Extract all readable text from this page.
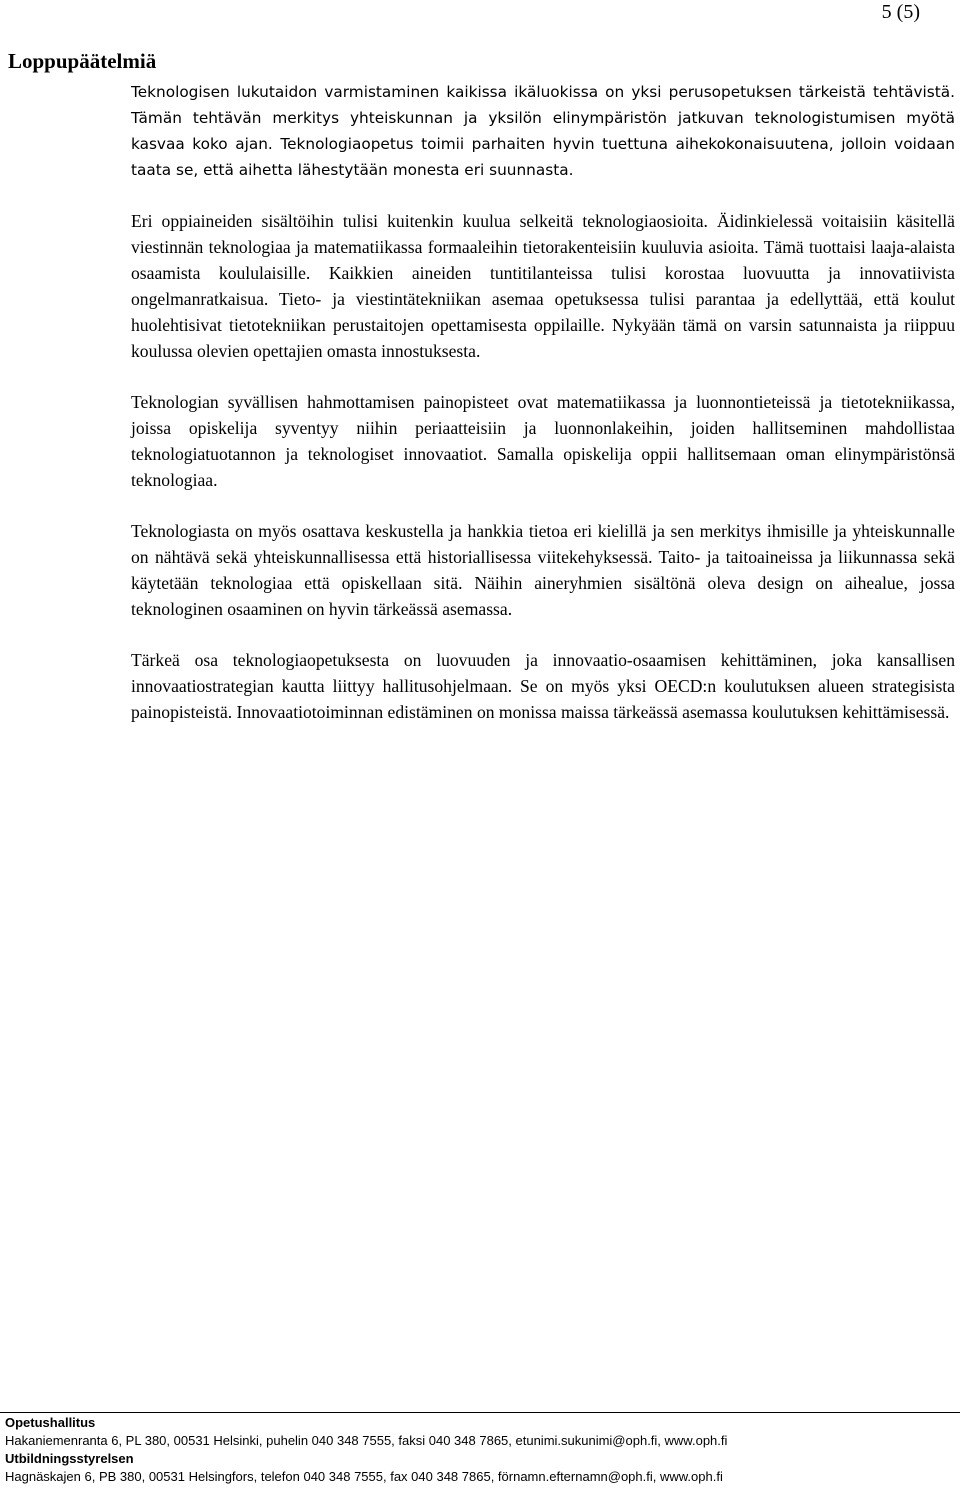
5 (5)
Loppupäätelmiä

Teknologisen lukutaidon varmistaminen kaikissa ikäluokissa on yksi perusopetuksen tärkeistä tehtävistä. Tämän tehtävän merkitys yhteiskunnan ja yksilön elinympäristön jatkuvan teknologistumisen myötä kasvaa koko ajan. Teknologiaopetus toimii parhaiten hyvin tuettuna aihekokonaisuutena, jolloin voidaan taata se, että aihetta lähestytään monesta eri suunnasta.

Eri oppiaineiden sisältöihin tulisi kuitenkin kuulua selkeitä teknologiaosioita. Äidinkielessä voitaisiin käsitellä viestinnän teknologiaa ja matematiikassa formaaleihin tietorakenteisiin kuuluvia asioita. Tämä tuottaisi laaja-alaista osaamista koululaisille. Kaikkien aineiden tuntitilanteissa tulisi korostaa luovuutta ja innovatiivista ongelmanratkaisua. Tieto- ja viestintätekniikan asemaa opetuksessa tulisi parantaa ja edellyttää, että koulut huolehtisivat tietotekniikan perustaitojen opettamisesta oppilaille. Nykyään tämä on varsin satunnaista ja riippuu koulussa olevien opettajien omasta innostuksesta.

Teknologian syvällisen hahmottamisen painopisteet ovat matematiikassa ja luonnontieteissä ja tietotekniikassa, joissa opiskelija syventyy niihin periaatteisiin ja luonnonlakeihin, joiden hallitseminen mahdollistaa teknologiatuotannon ja teknologiset innovaatiot. Samalla opiskelija oppii hallitsemaan oman elinympäristönsä teknologiaa.

Teknologiasta on myös osattava keskustella ja hankkia tietoa eri kielillä ja sen merkitys ihmisille ja yhteiskunnalle on nähtävä sekä yhteiskunnallisessa että historiallisessa viitekehyksessä. Taito- ja taitoaineissa ja liikunnassa sekä käytetään teknologiaa että opiskellaan sitä. Näihin aineryhmien sisältönä oleva design on aihealue, jossa teknologinen osaaminen on hyvin tärkeässä asemassa.

Tärkeä osa teknologiaopetuksesta on luovuuden ja innovaatio-osaamisen kehittäminen, joka kansallisen innovaatiostrategian kautta liittyy hallitusohjelmaan. Se on myös yksi OECD:n koulutuksen alueen strategisista painopisteistä. Innovaatiotoiminnan edistäminen on monissa maissa tärkeässä asemassa koulutuksen kehittämisessä.

Opetushallitus
Hakaniemenranta 6, PL 380, 00531 Helsinki, puhelin 040 348 7555, faksi 040 348 7865, etunimi.sukunimi@oph.fi, www.oph.fi
Utbildningsstyrelsen
Hagnäskajen 6, PB 380, 00531 Helsingfors, telefon 040 348 7555, fax 040 348 7865, förnamn.efternamn@oph.fi, www.oph.fi
